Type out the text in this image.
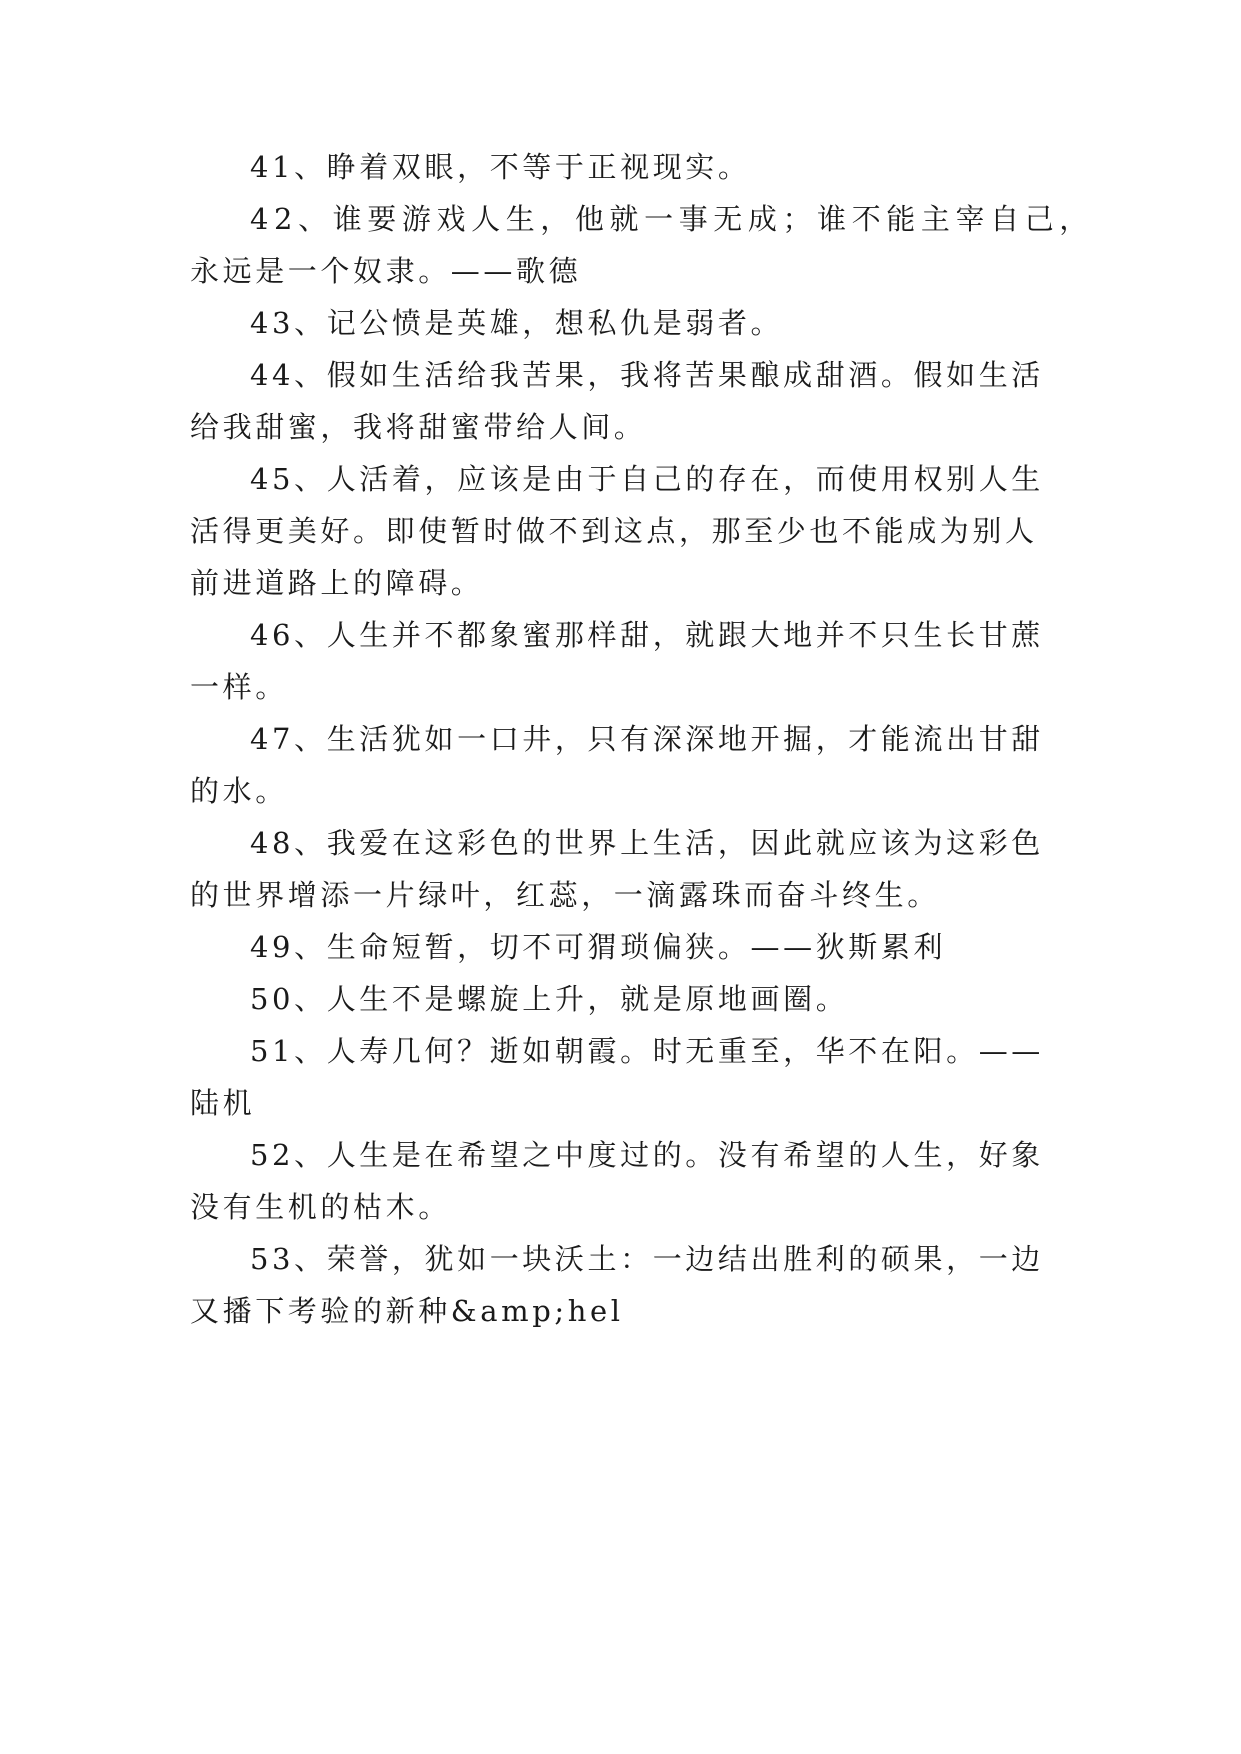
41、睁着双眼，不等于正视现实。
42、谁要游戏人生，他就一事无成；谁不能主宰自己，
永远是一个奴隶。——歌德
43、记公愤是英雄，想私仇是弱者。
44、假如生活给我苦果，我将苦果酿成甜酒。假如生活
给我甜蜜，我将甜蜜带给人间。
45、人活着，应该是由于自己的存在，而使用权别人生
活得更美好。即使暂时做不到这点，那至少也不能成为别人
前进道路上的障碍。
46、人生并不都象蜜那样甜，就跟大地并不只生长甘蔗
一样。
47、生活犹如一口井，只有深深地开掘，才能流出甘甜
的水。
48、我爱在这彩色的世界上生活，因此就应该为这彩色
的世界增添一片绿叶，红蕊，一滴露珠而奋斗终生。
49、生命短暂，切不可猬琐偏狭。——狄斯累利
50、人生不是螺旋上升，就是原地画圈。
51、人寿几何？逝如朝霞。时无重至，华不在阳。——
陆机
52、人生是在希望之中度过的。没有希望的人生，好象
没有生机的枯木。
53、荣誉，犹如一块沃土：一边结出胜利的硕果，一边
又播下考验的新种&amp;hel
